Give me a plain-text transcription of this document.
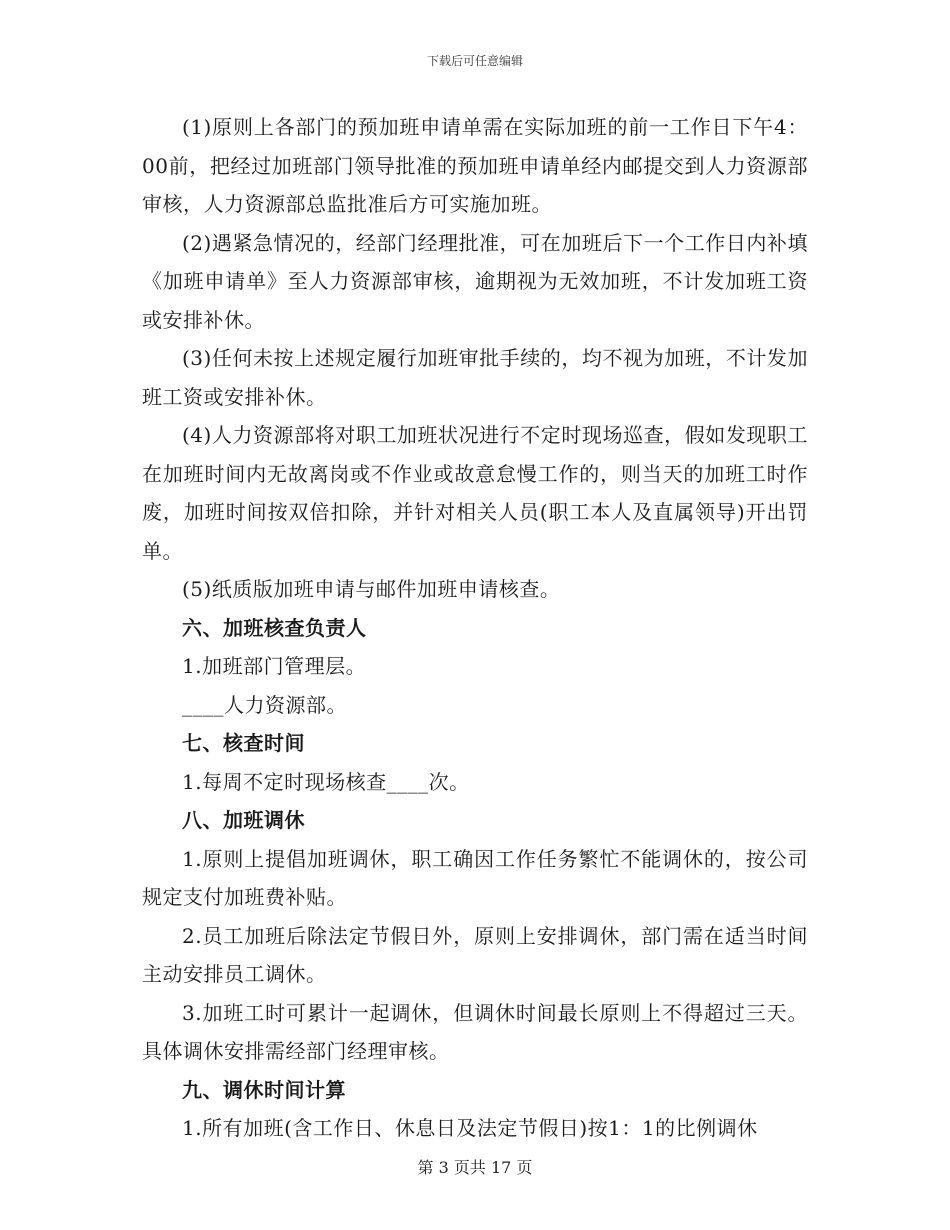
下载后可任意编辑

(1)原则上各部门的预加班申请单需在实际加班的前一工作日下午4：00前，把经过加班部门领导批准的预加班申请单经内邮提交到人力资源部审核，人力资源部总监批准后方可实施加班。

(2)遇紧急情况的，经部门经理批准，可在加班后下一个工作日内补填《加班申请单》至人力资源部审核，逾期视为无效加班，不计发加班工资或安排补休。

(3)任何未按上述规定履行加班审批手续的，均不视为加班，不计发加班工资或安排补休。

(4)人力资源部将对职工加班状况进行不定时现场巡查，假如发现职工在加班时间内无故离岗或不作业或故意怠慢工作的，则当天的加班工时作废，加班时间按双倍扣除，并针对相关人员(职工本人及直属领导)开出罚单。

(5)纸质版加班申请与邮件加班申请核查。

六、加班核查负责人

1.加班部门管理层。

____人力资源部。

七、核查时间

1.每周不定时现场核查____次。

八、加班调休

1.原则上提倡加班调休，职工确因工作任务繁忙不能调休的，按公司规定支付加班费补贴。

2.员工加班后除法定节假日外，原则上安排调休，部门需在适当时间主动安排员工调休。

3.加班工时可累计一起调休，但调休时间最长原则上不得超过三天。具体调休安排需经部门经理审核。

九、调休时间计算

1.所有加班(含工作日、休息日及法定节假日)按1：1的比例调休

第 3 页共 17 页
